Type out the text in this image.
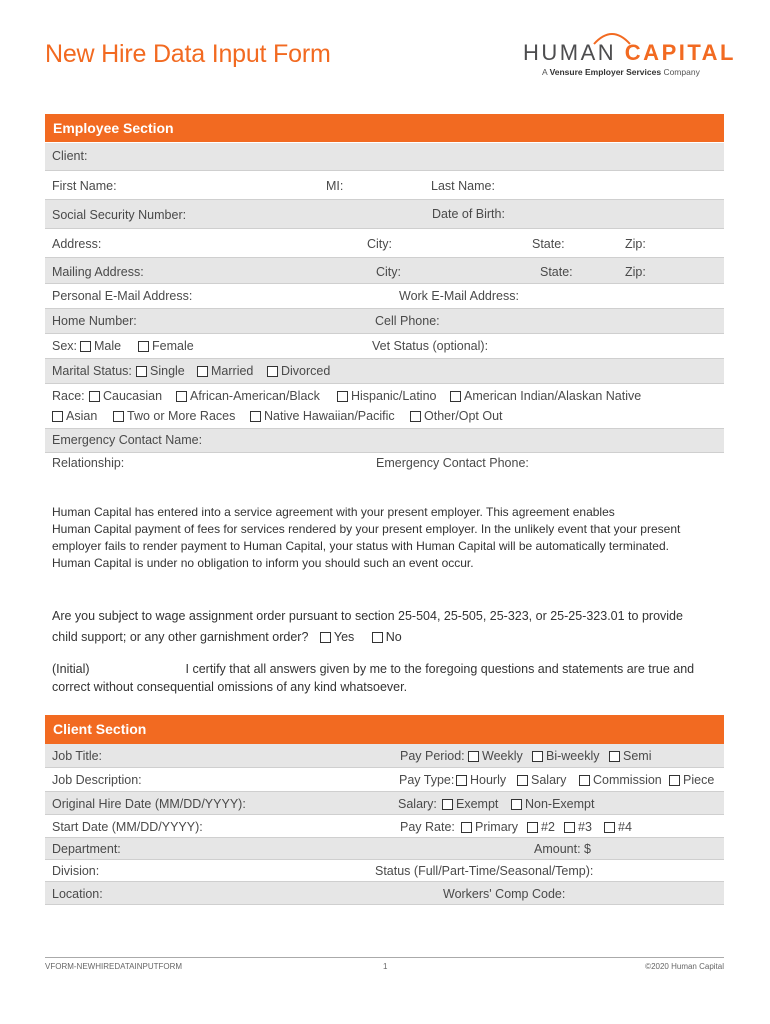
New Hire Data Input Form	HUMAN CAPITAL
A Vensure Employer Services Company
Employee Section
Client:
First Name:	MI:	Last Name:
Social Security Number:	Date of Birth:
Address:	City:	State:	Zip:
Mailing Address:	City:	State:	Zip:
Personal E-Mail Address:	Work E-Mail Address:
Home Number:	Cell Phone:
Sex:	Male	Female	Vet Status (optional):
Marital Status:	Single	Married	Divorced
Race:	Caucasian	African-American/Black	Hispanic/Latino	American Indian/Alaskan Native
Asian	Two or More Races	Native Hawaiian/Pacific	Other/Opt Out
Emergency Contact Name:
Relationship:	Emergency Contact Phone:
Human Capital has entered into a service agreement with your present employer. This agreement enables
Human Capital payment of fees for services rendered by your present employer. In the unlikely event that your present
employer fails to render payment to Human Capital, your status with Human Capital will be automatically terminated.
Human Capital is under no obligation to inform you should such an event occur.
Are you subject to wage assignment order pursuant to section 25-504, 25-505, 25-323, or 25-25-323.01 to provide
child support; or any other garnishment order? Yes	No
(Initial)	I certify that all answers given by me to the foregoing questions and statements are true and
correct without consequential omissions of any kind whatsoever.
Client Section
Job Title:	Pay Period:	Weekly	Bi-weekly	Semi
Job Description:	Pay Type:	Hourly	Salary	Commission	Piece
Original Hire Date (MM/DD/YYYY):	Salary:	Exempt	Non-Exempt
Start Date (MM/DD/YYYY):	Pay Rate:	Primary	#2	#3	#4
Department:	Amount: $
Division:	Status (Full/Part-Time/Seasonal/Temp):
Location:	Workers' Comp Code:
VFORM-NEWHIREDATAINPUTFORM	1	©2020 Human Capital
